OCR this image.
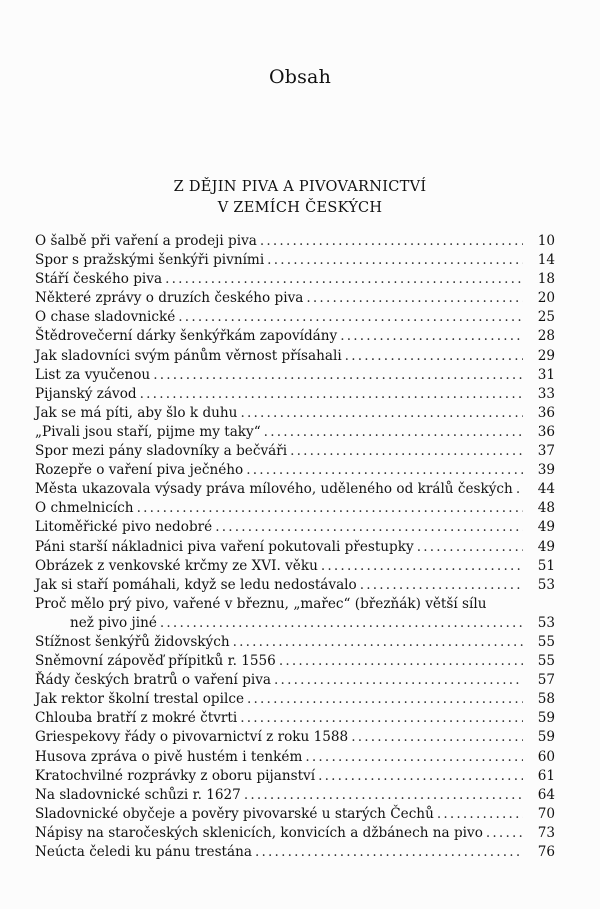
Obsah
Z DĚJIN PIVA A PIVOVARNICTVÍ
V ZEMÍCH ČESKÝCH
O šalbě při vaření a prodeji piva .....	10
Spor s pražskými šenkýři pivními .....	14
Stáří českého piva .....	18
Některé zprávy o druzích českého piva .....	20
O chase sladovnické .....	25
Štědrovečerní dárky šenkýřkám zapovídány .....	28
Jak sladovníci svým pánům věrnost přísahali .....	29
List za vyučenou .....	31
Pijanský závod .....	33
Jak se má píti, aby šlo k duhu .....	36
„Pivali jsou staří, pijme my taky“ .....	36
Spor mezi pány sladovníky a bečváři .....	37
Rozepře o vaření piva ječného .....	39
Města ukazovala výsady práva mílového, uděleného od králů českých .....	44
O chmelnicích .....	48
Litoměřické pivo nedobré .....	49
Páni starší nákladnici piva vaření pokutovali přestupky .....	49
Obrázek z venkovské krčmy ze XVI. věku .....	51
Jak si staří pomáhali, když se ledu nedostávalo .....	53
Proč mělo prý pivo, vařené v březnu, „mařec“ (březňák) větší sílu
než pivo jiné .....	53
Stížnost šenkýřů židovských .....	55
Sněmovní zápověď přípitků r. 1556 .....	55
Řády českých bratrů o vaření piva .....	57
Jak rektor školní trestal opilce .....	58
Chlouba bratří z mokré čtvrti .....	59
Griespekovy řády o pivovarnictví z roku 1588 .....	59
Husova zpráva o pivě hustém i tenkém .....	60
Kratochvilné rozprávky z oboru pijanství .....	61
Na sladovnické schůzi r. 1627 .....	64
Sladovnické obyčeje a pověry pivovarské u starých Čechů .....	70
Nápisy na staročeských sklenicích, konvicích a džbánech na pivo .....	73
Neúcta čeledi ku pánu trestána .....	76
